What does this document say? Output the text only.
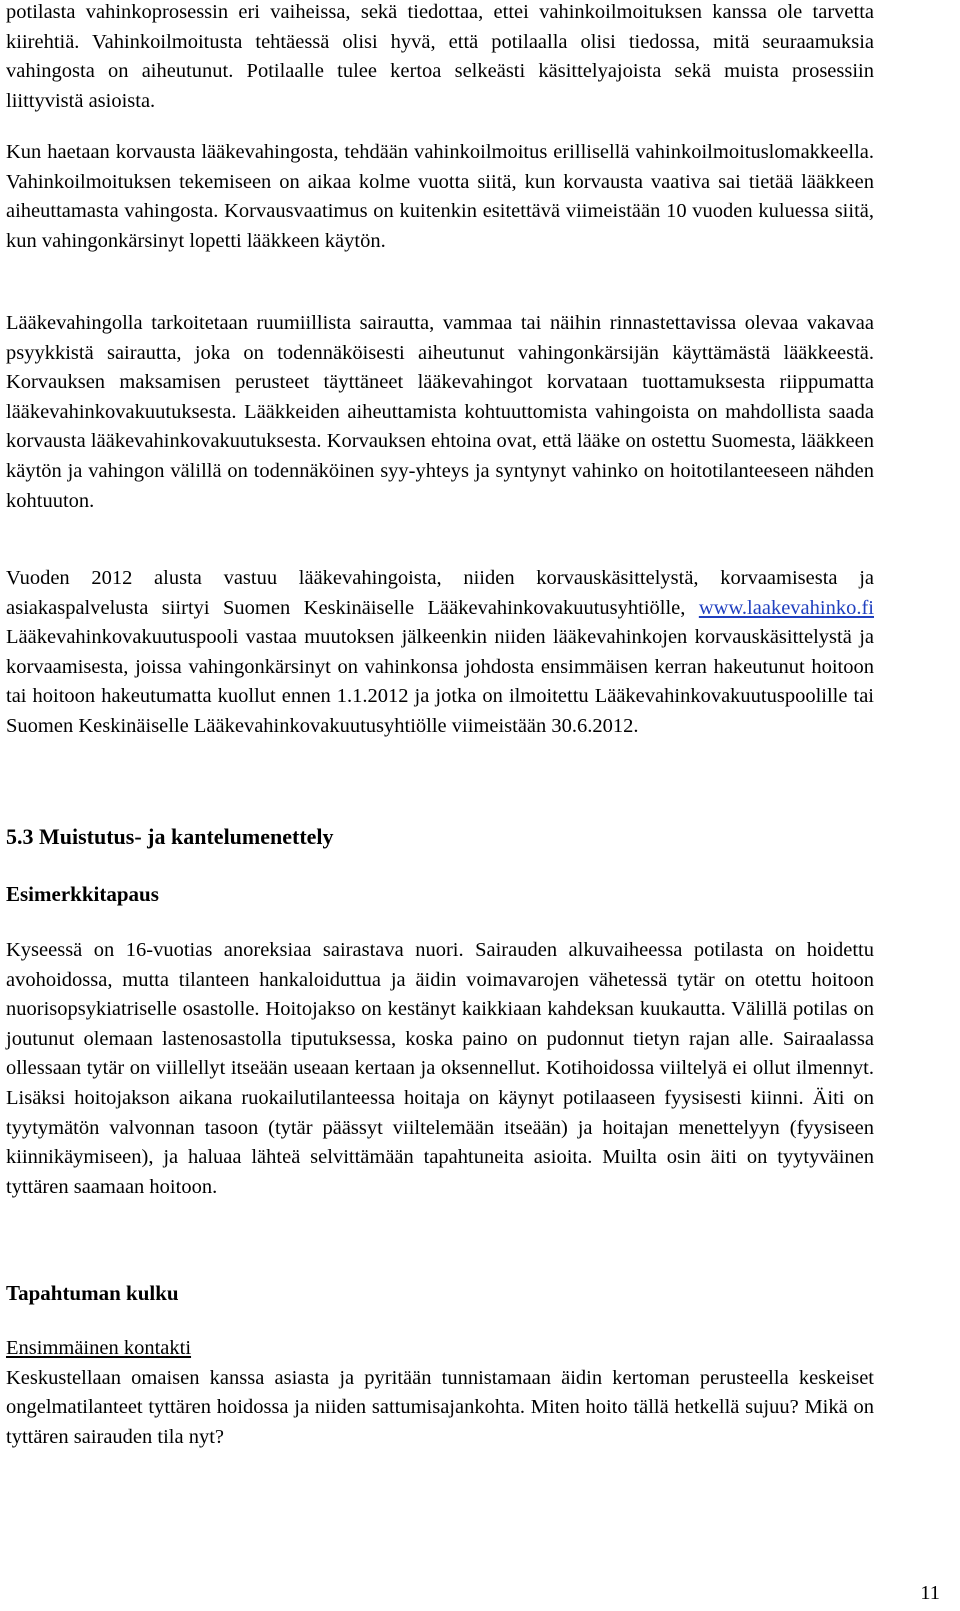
potilasta vahinkoprosessin eri vaiheissa, sekä tiedottaa, ettei vahinkoilmoituksen kanssa ole tarvetta kiirehtiä. Vahinkoilmoitusta tehtäessä olisi hyvä, että potilaalla olisi tiedossa, mitä seuraamuksia vahingosta on aiheutunut. Potilaalle tulee kertoa selkeästi käsittelyajoista sekä muista prosessiin liittyvistä asioista.

Kun haetaan korvausta lääkevahingosta, tehdään vahinkoilmoitus erillisellä vahinkoilmoituslomakkeella. Vahinkoilmoituksen tekemiseen on aikaa kolme vuotta siitä, kun korvausta vaativa sai tietää lääkkeen aiheuttamasta vahingosta. Korvausvaatimus on kuitenkin esitettävä viimeistään 10 vuoden kuluessa siitä, kun vahingonkärsinyt lopetti lääkkeen käytön.

Lääkevahingolla tarkoitetaan ruumiillista sairautta, vammaa tai näihin rinnastettavissa olevaa vakavaa psyykkistä sairautta, joka on todennäköisesti aiheutunut vahingonkärsijän käyttämästä lääkkeestä. Korvauksen maksamisen perusteet täyttäneet lääkevahingot korvataan tuottamuksesta riippumatta lääkevahinkovakuutuksesta. Lääkkeiden aiheuttamista kohtuuttomista vahingoista on mahdollista saada korvausta lääkevahinkovakuutuksesta. Korvauksen ehtoina ovat, että lääke on ostettu Suomesta, lääkkeen käytön ja vahingon välillä on todennäköinen syy-yhteys ja syntynyt vahinko on hoitotilanteeseen nähden kohtuuton.

Vuoden 2012 alusta vastuu lääkevahingoista, niiden korvauskäsittelystä, korvaamisesta ja asiakaspalvelusta siirtyi Suomen Keskinäiselle Lääkevahinkovakuutusyhtiölle, www.laakevahinko.fi Lääkevahinkovakuutuspooli vastaa muutoksen jälkeenkin niiden lääkevahinkojen korvauskäsittelystä ja korvaamisesta, joissa vahingonkärsinyt on vahinkonsa johdosta ensimmäisen kerran hakeutunut hoitoon tai hoitoon hakeutumatta kuollut ennen 1.1.2012 ja jotka on ilmoitettu Lääkevahinkovakuutuspoolille tai Suomen Keskinäiselle Lääkevahinkovakuutusyhtiölle viimeistään 30.6.2012.

5.3 Muistutus- ja kantelumenettely
Esimerkkitapaus

Kyseessä on 16-vuotias anoreksiaa sairastava nuori. Sairauden alkuvaiheessa potilasta on hoidettu avohoidossa, mutta tilanteen hankaloiduttua ja äidin voimavarojen vähetessä tytär on otettu hoitoon nuorisopsykiatriselle osastolle. Hoitojakso on kestänyt kaikkiaan kahdeksan kuukautta. Välillä potilas on joutunut olemaan lastenosastolla tiputuksessa, koska paino on pudonnut tietyn rajan alle. Sairaalassa ollessaan tytär on viillellyt itseään useaan kertaan ja oksennellut. Kotihoidossa viiltelyä ei ollut ilmennyt. Lisäksi hoitojakson aikana ruokailutilanteessa hoitaja on käynyt potilaaseen fyysisesti kiinni. Äiti on tyytymätön valvonnan tasoon (tytär päässyt viiltelemään itseään) ja hoitajan menettelyyn (fyysiseen kiinnikäymiseen), ja haluaa lähteä selvittämään tapahtuneita asioita. Muilta osin äiti on tyytyväinen tyttären saamaan hoitoon.

Tapahtuman kulku
Ensimmäinen kontakti
Keskustellaan omaisen kanssa asiasta ja pyritään tunnistamaan äidin kertoman perusteella keskeiset ongelmatilanteet tyttären hoidossa ja niiden sattumisajankohta. Miten hoito tällä hetkellä sujuu? Mikä on tyttären sairauden tila nyt?
11
